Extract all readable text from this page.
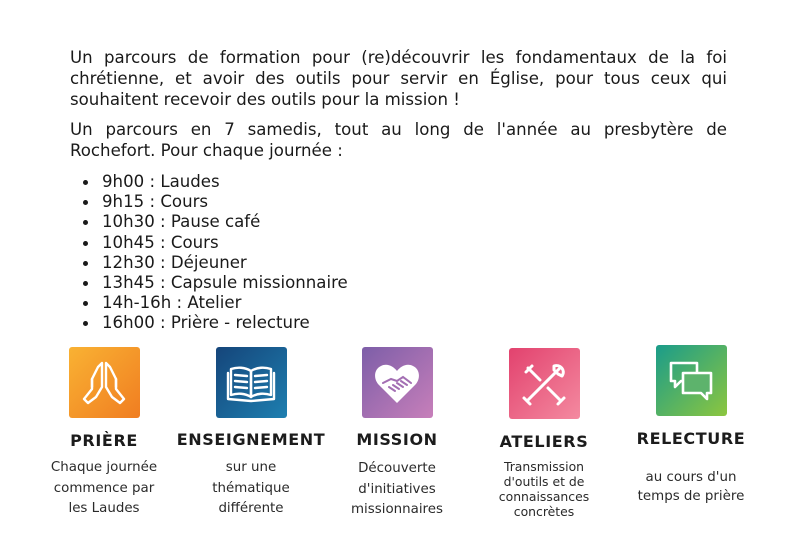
Un parcours de formation pour (re)découvrir les fondamentaux de la foi chrétienne, et avoir des outils pour servir en Église, pour tous ceux qui souhaitent recevoir des outils pour la mission !

Un parcours en 7 samedis, tout au long de l'année au presbytère de Rochefort. Pour chaque journée :

9h00 : Laudes
9h15 : Cours
10h30 : Pause café
10h45 : Cours
12h30 : Déjeuner
13h45 : Capsule missionnaire
14h-16h : Atelier
16h00 : Prière - relecture
PRIÈRE
Chaque journée
commence par
les Laudes
ENSEIGNEMENT
sur une
thématique
différente
MISSION
Découverte
d'initiatives
missionnaires
ATELIERS
Transmission
d'outils et de
connaissances
concrètes
RELECTURE
au cours d'un
temps de prière
